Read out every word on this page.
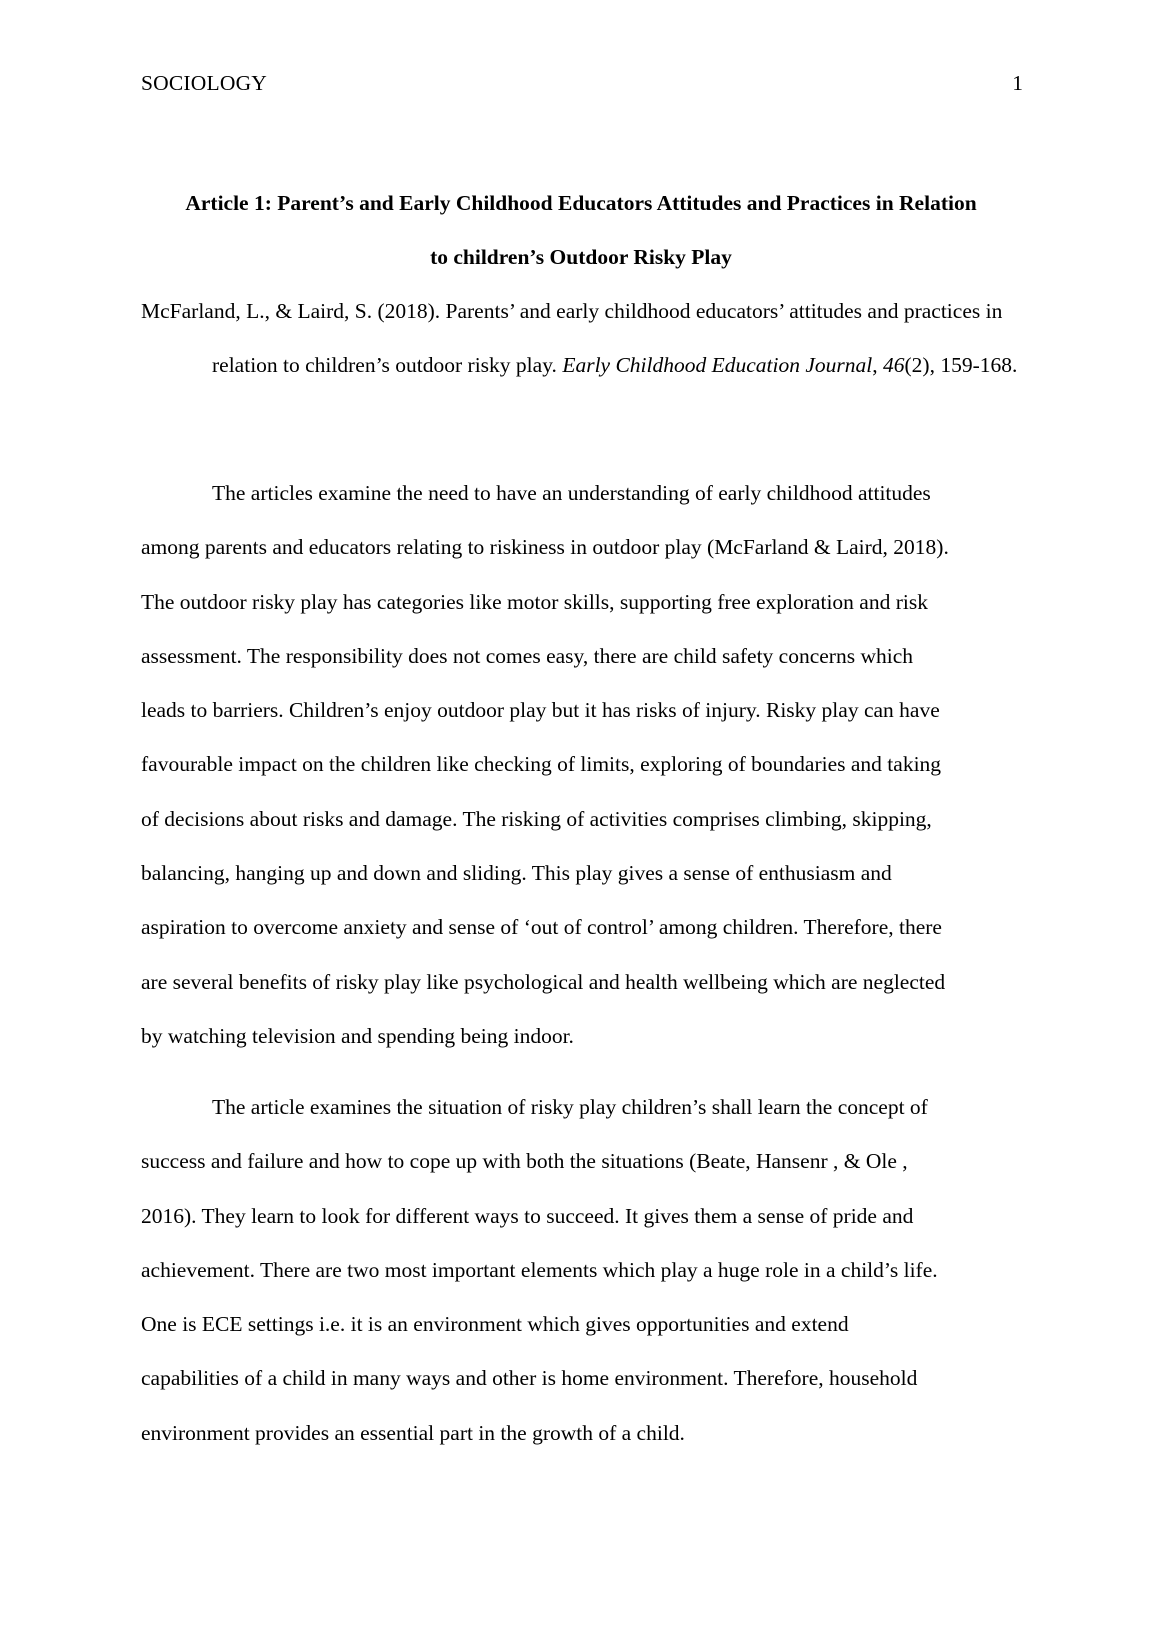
SOCIOLOGY	1
Article 1: Parent’s and Early Childhood Educators Attitudes and Practices in Relation
to children’s Outdoor Risky Play

McFarland, L., & Laird, S. (2018). Parents’ and early childhood educators’ attitudes and practices in relation to children’s outdoor risky play. Early Childhood Education Journal, 46(2), 159-168.

The articles examine the need to have an understanding of early childhood attitudes
among parents and educators relating to riskiness in outdoor play (McFarland & Laird, 2018).
The outdoor risky play has categories like motor skills, supporting free exploration and risk
assessment. The responsibility does not comes easy, there are child safety concerns which
leads to barriers. Children’s enjoy outdoor play but it has risks of injury. Risky play can have
favourable impact on the children like checking of limits, exploring of boundaries and taking
of decisions about risks and damage. The risking of activities comprises climbing, skipping,
balancing, hanging up and down and sliding. This play gives a sense of enthusiasm and
aspiration to overcome anxiety and sense of ‘out of control’ among children. Therefore, there
are several benefits of risky play like psychological and health wellbeing which are neglected
by watching television and spending being indoor.

The article examines the situation of risky play children’s shall learn the concept of
success and failure and how to cope up with both the situations (Beate, Hansenr , & Ole ,
2016). They learn to look for different ways to succeed. It gives them a sense of pride and
achievement. There are two most important elements which play a huge role in a child’s life.
One is ECE settings i.e. it is an environment which gives opportunities and extend
capabilities of a child in many ways and other is home environment. Therefore, household
environment provides an essential part in the growth of a child.
